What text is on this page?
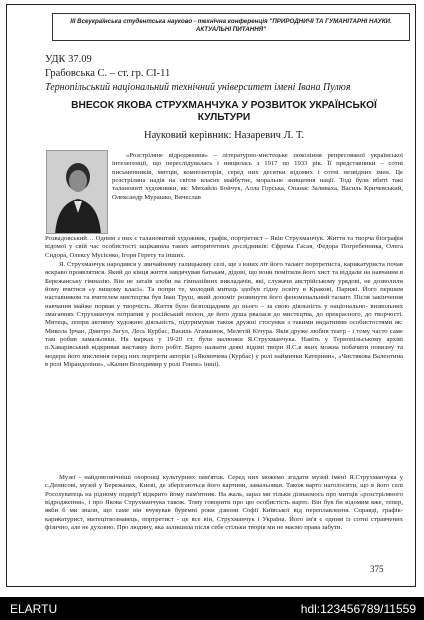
ІІІ Всеукраїнська студентська науково - технічна конференція "ПРИРОДНИЧІ ТА ГУМАНІТАРНІ НАУКИ.
АКТУАЛЬНІ ПИТАННЯ"
УДК 37.09
Грабовська С. – ст. гр. СІ-11
Тернопільський національний технічний університет імені Івана Пулюя
ВНЕСОК ЯКОВА СТРУХМАНЧУКА У РОЗВИТОК УКРАЇНСЬКОЇ
КУЛЬТУРИ
Науковий керівник: Назаревич Л. Т.
«Розстріляне відродження» – літературно-мистецьке покоління репресованої української інтелегенції, що переслідувалась і нищилась з 1917 по 1933 рік. Її представники – сотні письменників, митців, композиторів, серед них десятки відомих і сотні незвідних імен. Це розстріляна надія на світле власне майбутнє, моральне знищення нації. Тоді були вбиті такі талановиті художники, як: Михайло Бойчук, Алла Горська, Опанас Заливаха, Василь Кричевський, Олександр Мурашко, Вячеслав
Розвадовський… Одним з них є талановитий художник, графік, портретист – Яків Струхманчук. Життя та творча біографія відомої у свій час особистості зацікавила таких авторитетних дослідників: Єфрема Гасая, Федора Погребенника, Олега Сидора, Олексу Мусієнко, Ігоря Герету та інших.
Я. Струхманчук народився у звичайному галицькому селі, ще з юних літ його талант портретиста, карикатуриста почав яскраво проявлятися. Який до кінця життя завдячував батькам, дідові, що вони помітили його хист та віддали на навчання в Бережанську гімназію. Він не затаїв злоби на гімназійних викладачів, які, служачи австрійському урядові, не дозволили йому вчитися «у вищому класі». Та попри те, молодий митець здобув гідну освіту в Кракові, Парижі. Його першим наставником та вчителем мистецтва був Іван Труш, який допоміг розвинути його феноменальний талант. Після закінчення навчання майже порвав у творчість. Життя було безпощадним до нього – за свою діяльність у національно- визвольних змаганнях Струхманчук потрапив у російський полон, де його душа рвалася до мистецтва, до прекрасного, до творчості. Митець, попри активну художню діяльність, підтримував також дружні стосунки з такими видатними особистостями як: Микола Ірчан, Дмитро Загул, Лесь Курбас, Василь Атаманюк, Мелетій Кічура. Яків друже любив театр - і тому часто саме там робив замальовки. На марках у 19-20 ст. були малюнки Я.Струхманчука. Навіть у Тернопільському архіві п.Хаварівський відкривав виставку його робіт. Варто назвати деякі відомі твори Я.С.в яких можна побачити повизну та модерн його мислення серед них портрети акторів («Яковичева (Курбас) у ролі наймички Катерини», «Чистякова Валентина в ролі Мірандоліни», «Калин Володимир у ролі Гонпе» інші).
Музеї - найдовговічніші охоронці культурних пам'яток. Серед них можемо згадати музей імені Я.Струхманчука у с.Денисові, музей у Бережанах, Києві, де зберігаються його картини, замальовки. Також варто наголосити, що в його селі Росохуватець на рідному подвір'ї відкрито йому пам'ятник. На жаль, зараз ми тільки дізнаємось про митців «розстріляного відродження», і про Якова Струхманчука також. Тому говорити про цю особистість варто. Він був би відомим вже, тепер, якби б ми знали, що саме він вчувував буремні роки дзвони Софії Київської від переплавлення. Справді, графік-карикатурист, митецітвознавець, портретист - це все він, Струхманчук і Україна. Його ім'я є одним із сотні стравчених фізично, але не духовно. Про людину, яка залишила після себе стільки творів ми не маємо права забути.
375
ELARTU	hdl:123456789/11559
